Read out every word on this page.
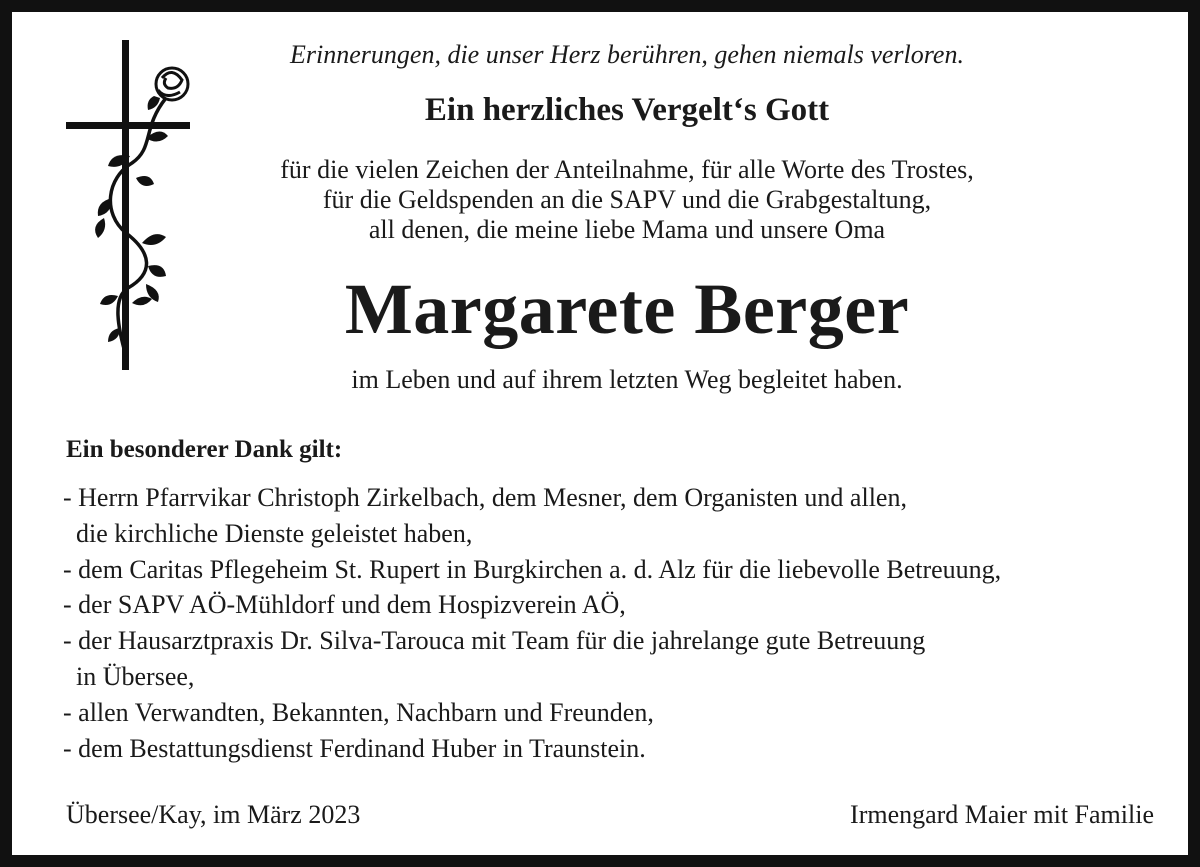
Erinnerungen, die unser Herz berühren, gehen niemals verloren.
Ein herzliches Vergelt‘s Gott
für die vielen Zeichen der Anteilnahme, für alle Worte des Trostes,
für die Geldspenden an die SAPV und die Grabgestaltung,
all denen, die meine liebe Mama und unsere Oma
Margarete Berger
im Leben und auf ihrem letzten Weg begleitet haben.
Ein besonderer Dank gilt:
- Herrn Pfarrvikar Christoph Zirkelbach, dem Mesner, dem Organisten und allen,
die kirchliche Dienste geleistet haben,
- dem Caritas Pflegeheim St. Rupert in Burgkirchen a. d. Alz für die liebevolle Betreuung,
- der SAPV AÖ-Mühldorf und dem Hospizverein AÖ,
- der Hausarztpraxis Dr. Silva-Tarouca mit Team für die jahrelange gute Betreuung
in Übersee,
- allen Verwandten, Bekannten, Nachbarn und Freunden,
- dem Bestattungsdienst Ferdinand Huber in Traunstein.
Übersee/Kay, im März 2023	Irmengard Maier mit Familie
